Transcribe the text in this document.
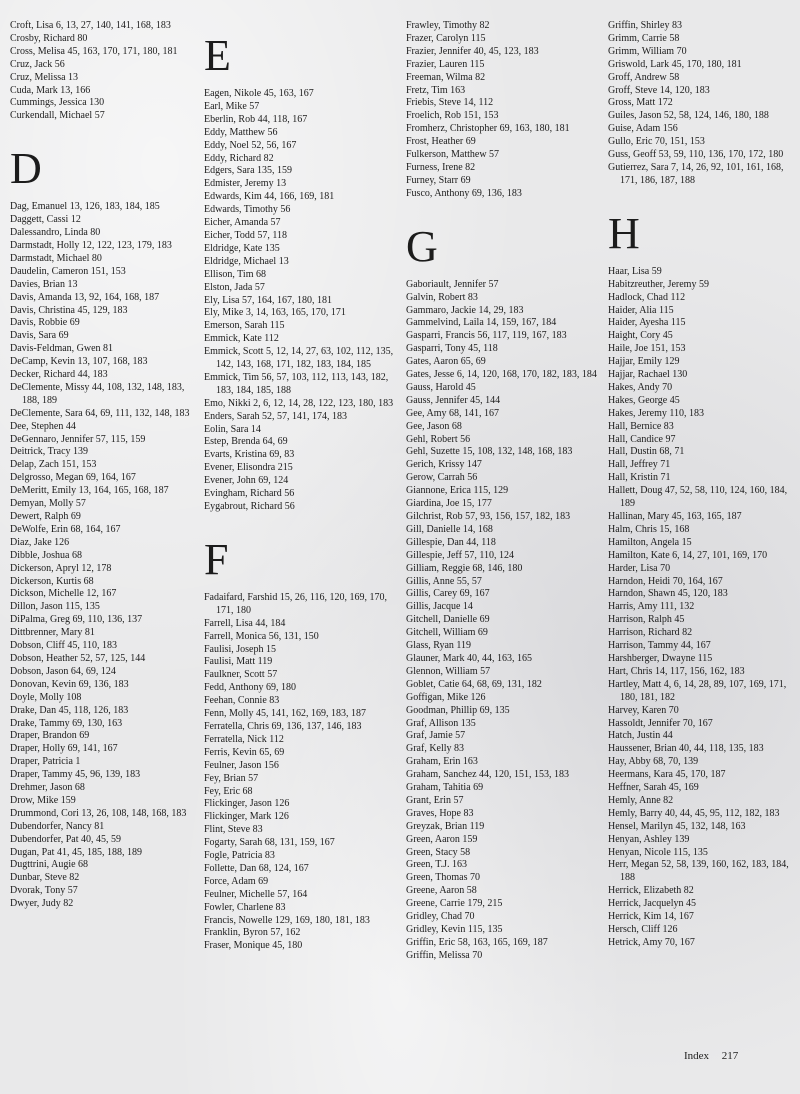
Croft, Lisa 6, 13, 27, 140, 141, 168, 183
Crosby, Richard 80
Cross, Melisa 45, 163, 170, 171, 180, 181
Cruz, Jack 56
Cruz, Melissa 13
Cuda, Mark 13, 166
Cummings, Jessica 130
Curkendall, Michael 57
D
Dag, Emanuel 13, 126, 183, 184, 185
Daggett, Cassi 12
Dalessandro, Linda 80
Darmstadt, Holly 12, 122, 123, 179, 183
Darmstadt, Michael 80
Daudelin, Cameron 151, 153
Davies, Brian 13
Davis, Amanda 13, 92, 164, 168, 187
Davis, Christina 45, 129, 183
Davis, Robbie 69
Davis, Sara 69
Davis-Feldman, Gwen 81
DeCamp, Kevin 13, 107, 168, 183
Decker, Richard 44, 183
DeClemente, Missy 44, 108, 132, 148, 183, 188, 189
DeClemente, Sara 64, 69, 111, 132, 148, 183
Dee, Stephen 44
DeGennaro, Jennifer 57, 115, 159
Deitrick, Tracy 139
Delap, Zach 151, 153
Delgrosso, Megan 69, 164, 167
DeMeritt, Emily 13, 164, 165, 168, 187
Demyan, Molly 57
Dewert, Ralph 69
DeWolfe, Erin 68, 164, 167
Diaz, Jake 126
Dibble, Joshua 68
Dickerson, Apryl 12, 178
Dickerson, Kurtis 68
Dickson, Michelle 12, 167
Dillon, Jason 115, 135
DiPalma, Greg 69, 110, 136, 137
Dittbrenner, Mary 81
Dobson, Cliff 45, 110, 183
Dobson, Heather 52, 57, 125, 144
Dobson, Jason 64, 69, 124
Donovan, Kevin 69, 136, 183
Doyle, Molly 108
Drake, Dan 45, 118, 126, 183
Drake, Tammy 69, 130, 163
Draper, Brandon 69
Draper, Holly 69, 141, 167
Draper, Patricia 1
Draper, Tammy 45, 96, 139, 183
Drehmer, Jason 68
Drow, Mike 159
Drummond, Cori 13, 26, 108, 148, 168, 183
Dubendorfer, Nancy 81
Dubendorfer, Pat 40, 45, 59
Dugan, Pat 41, 45, 185, 188, 189
Dugttrini, Augie 68
Dunbar, Steve 82
Dvorak, Tony 57
Dwyer, Judy 82
E
Eagen, Nikole 45, 163, 167
Earl, Mike 57
Eberlin, Rob 44, 118, 167
Eddy, Matthew 56
Eddy, Noel 52, 56, 167
Eddy, Richard 82
Edgers, Sara 135, 159
Edmister, Jeremy 13
Edwards, Kim 44, 166, 169, 181
Edwards, Timothy 56
Eicher, Amanda 57
Eicher, Todd 57, 118
Eldridge, Kate 135
Eldridge, Michael 13
Ellison, Tim 68
Elston, Jada 57
Ely, Lisa 57, 164, 167, 180, 181
Ely, Mike 3, 14, 163, 165, 170, 171
Emerson, Sarah 115
Emmick, Kate 112
Emmick, Scott 5, 12, 14, 27, 63, 102, 112, 135, 142, 143, 168, 171, 182, 183, 184, 185
Emmick, Tim 56, 57, 103, 112, 113, 143, 182, 183, 184, 185, 188
Emo, Nikki 2, 6, 12, 14, 28, 122, 123, 180, 183
Enders, Sarah 52, 57, 141, 174, 183
Eolin, Sara 14
Estep, Brenda 64, 69
Evarts, Kristina 69, 83
Evener, Elisondra 215
Evener, John 69, 124
Evingham, Richard 56
Eygabrout, Richard 56
F
Fadaifard, Farshid 15, 26, 116, 120, 169, 170, 171, 180
Farrell, Lisa 44, 184
Farrell, Monica 56, 131, 150
Faulisi, Joseph 15
Faulisi, Matt 119
Faulkner, Scott 57
Fedd, Anthony 69, 180
Feehan, Connie 83
Fenn, Molly 45, 141, 162, 169, 183, 187
Ferratella, Chris 69, 136, 137, 146, 183
Ferratella, Nick 112
Ferris, Kevin 65, 69
Feulner, Jason 156
Fey, Brian 57
Fey, Eric 68
Flickinger, Jason 126
Flickinger, Mark 126
Flint, Steve 83
Fogarty, Sarah 68, 131, 159, 167
Fogle, Patricia 83
Follette, Dan 68, 124, 167
Force, Adam 69
Feulner, Michelle 57, 164
Fowler, Charlene 83
Francis, Nowelle 129, 169, 180, 181, 183
Franklin, Byron 57, 162
Fraser, Monique 45, 180
Frawley, Timothy 82
Frazer, Carolyn 115
Frazier, Jennifer 40, 45, 123, 183
Frazier, Lauren 115
Freeman, Wilma 82
Fretz, Tim 163
Friebis, Steve 14, 112
Froelich, Rob 151, 153
Fromherz, Christopher 69, 163, 180, 181
Frost, Heather 69
Fulkerson, Matthew 57
Furness, Irene 82
Furney, Starr 69
Fusco, Anthony 69, 136, 183
G
Gaboriault, Jennifer 57
Galvin, Robert 83
Gammaro, Jackie 14, 29, 183
Gammelvind, Laila 14, 159, 167, 184
Gasparri, Francis 56, 117, 119, 167, 183
Gasparri, Tony 45, 118
Gates, Aaron 65, 69
Gates, Jesse 6, 14, 120, 168, 170, 182, 183, 184
Gauss, Harold 45
Gauss, Jennifer 45, 144
Gee, Amy 68, 141, 167
Gee, Jason 68
Gehl, Robert 56
Gehl, Suzette 15, 108, 132, 148, 168, 183
Gerich, Krissy 147
Gerow, Carrah 56
Giannone, Erica 115, 129
Giardina, Joe 15, 177
Gilchrist, Rob 57, 93, 156, 157, 182, 183
Gill, Danielle 14, 168
Gillespie, Dan 44, 118
Gillespie, Jeff 57, 110, 124
Gilliam, Reggie 68, 146, 180
Gillis, Anne 55, 57
Gillis, Carey 69, 167
Gillis, Jacque 14
Gitchell, Danielle 69
Gitchell, William 69
Glass, Ryan 119
Glauner, Mark 40, 44, 163, 165
Glennon, William 57
Goblet, Catie 64, 68, 69, 131, 182
Goffigan, Mike 126
Goodman, Phillip 69, 135
Graf, Allison 135
Graf, Jamie 57
Graf, Kelly 83
Graham, Erin 163
Graham, Sanchez 44, 120, 151, 153, 183
Graham, Tahitia 69
Grant, Erin 57
Graves, Hope 83
Greyzak, Brian 119
Green, Aaron 159
Green, Stacy 58
Green, T.J. 163
Green, Thomas 70
Greene, Aaron 58
Greene, Carrie 179, 215
Gridley, Chad 70
Gridley, Kevin 115, 135
Griffin, Eric 58, 163, 165, 169, 187
Griffin, Melissa 70
Griffin, Shirley 83
Grimm, Carrie 58
Grimm, William 70
Griswold, Lark 45, 170, 180, 181
Groff, Andrew 58
Groff, Steve 14, 120, 183
Gross, Matt 172
Guiles, Jason 52, 58, 124, 146, 180, 188
Guise, Adam 156
Gullo, Eric 70, 151, 153
Guss, Geoff 53, 59, 110, 136, 170, 172, 180
Gutierrez, Sara 7, 14, 26, 92, 101, 161, 168, 171, 186, 187, 188
H
Haar, Lisa 59
Habitzreuther, Jeremy 59
Hadlock, Chad 112
Haider, Alia 115
Haider, Ayesha 115
Haight, Cory 45
Haile, Joe 151, 153
Hajjar, Emily 129
Hajjar, Rachael 130
Hakes, Andy 70
Hakes, George 45
Hakes, Jeremy 110, 183
Hall, Bernice 83
Hall, Candice 97
Hall, Dustin 68, 71
Hall, Jeffrey 71
Hall, Kristin 71
Hallett, Doug 47, 52, 58, 110, 124, 160, 184, 189
Hallinan, Mary 45, 163, 165, 187
Halm, Chris 15, 168
Hamilton, Angela 15
Hamilton, Kate 6, 14, 27, 101, 169, 170
Harder, Lisa 70
Harndon, Heidi 70, 164, 167
Harndon, Shawn 45, 120, 183
Harris, Amy 111, 132
Harrison, Ralph 45
Harrison, Richard 82
Harrison, Tammy 44, 167
Harshberger, Dwayne 115
Hart, Chris 14, 117, 156, 162, 183
Hartley, Matt 4, 6, 14, 28, 89, 107, 169, 171, 180, 181, 182
Harvey, Karen 70
Hassoldt, Jennifer 70, 167
Hatch, Justin 44
Haussener, Brian 40, 44, 118, 135, 183
Hay, Abby 68, 70, 139
Heermans, Kara 45, 170, 187
Heffner, Sarah 45, 169
Hemly, Anne 82
Hemly, Barry 40, 44, 45, 95, 112, 182, 183
Hensel, Marilyn 45, 132, 148, 163
Henyan, Ashley 139
Henyan, Nicole 115, 135
Herr, Megan 52, 58, 139, 160, 162, 183, 184, 188
Herrick, Elizabeth 82
Herrick, Jacquelyn 45
Herrick, Kim 14, 167
Hersch, Cliff 126
Hetrick, Amy 70, 167
Index 217
